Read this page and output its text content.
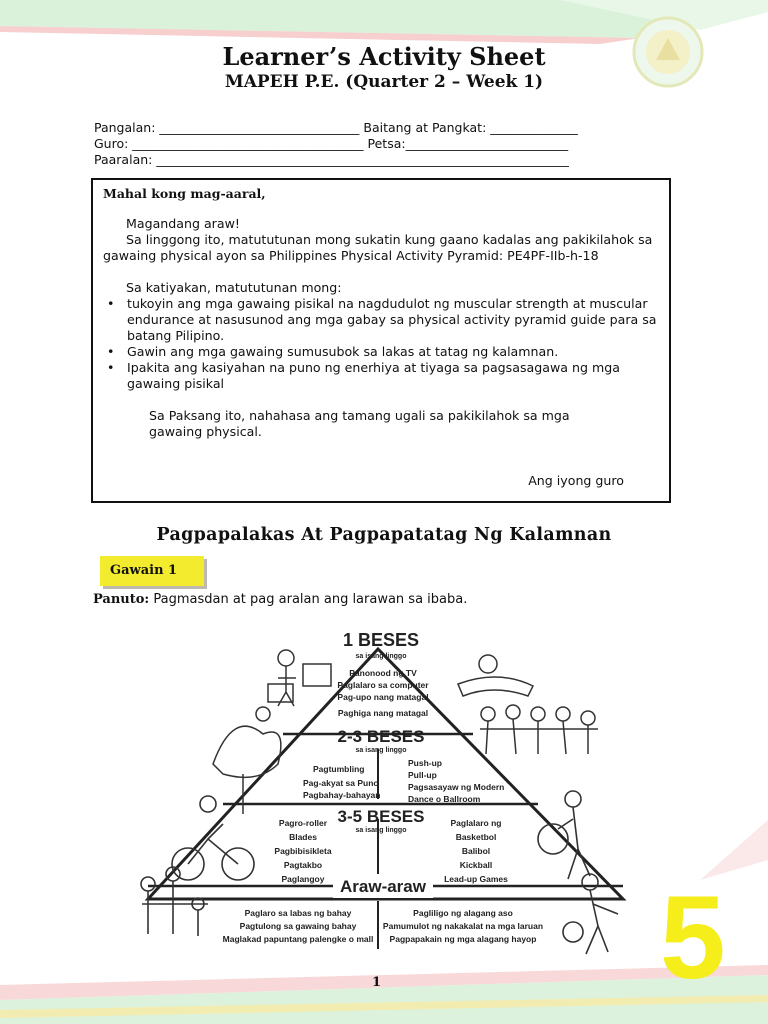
Learner’s Activity Sheet
MAPEH P.E. (Quarter 2 – Week 1)
Pangalan: ________________________________ Baitang at Pangkat: ______________
Guro: _____________________________________ Petsa:__________________________
Paaralan: __________________________________________________________________
Mahal kong mag-aaral,

Magandang araw!

Sa linggong ito, matututunan mong sukatin kung gaano kadalas ang pakikilahok sa gawaing physical ayon sa Philippines Physical Activity Pyramid: PE4PF-IIb-h-18

Sa katiyakan, matututunan mong:

• tukoyin ang mga gawaing pisikal na nagdudulot ng muscular strength at muscular endurance at nasusunod ang mga gabay sa physical activity pyramid guide para sa batang Pilipino.
• Gawin ang mga gawaing sumusubok sa lakas at tatag ng kalamnan.
• Ipakita ang kasiyahan na puno ng enerhiya at tiyaga sa pagsasagawa ng mga gawaing pisikal

Sa Paksang ito, nahahasa ang tamang ugali sa pakikilahok sa mga gawaing physical.

Ang iyong guro
Pagpapalakas At Pagpapatatag Ng Kalamnan
Gawain 1
Panuto: Pagmasdan at pag aralan ang larawan sa ibaba.
1 BESES
sa isang linggo
2-3 BESES
sa isang linggo
3-5 BESES
sa isang linggo
Araw-araw
Panonood ng TV
Paglalaro sa computer
Pag-upo nang matagal
Paghiga nang matagal
Pagtumbling
Pag-akyat sa Puno
Pagbahay-bahayan
Push-up
Pull-up
Pagsasayaw ng Modern
Dance o Ballroom
Pagro-roller
Blades
Pagbibisikleta
Pagtakbo
Paglangoy
Paglalaro ng
Basketbol
Balibol
Kickball
Lead-up Games
Paglaro sa labas ng bahay
Pagtulong sa gawaing bahay
Maglakad papuntang palengke o mall
Pagliligo ng alagang aso
Pamumulot ng nakakalat na mga laruan
Pagpapakain ng mga alagang hayop
1 5
